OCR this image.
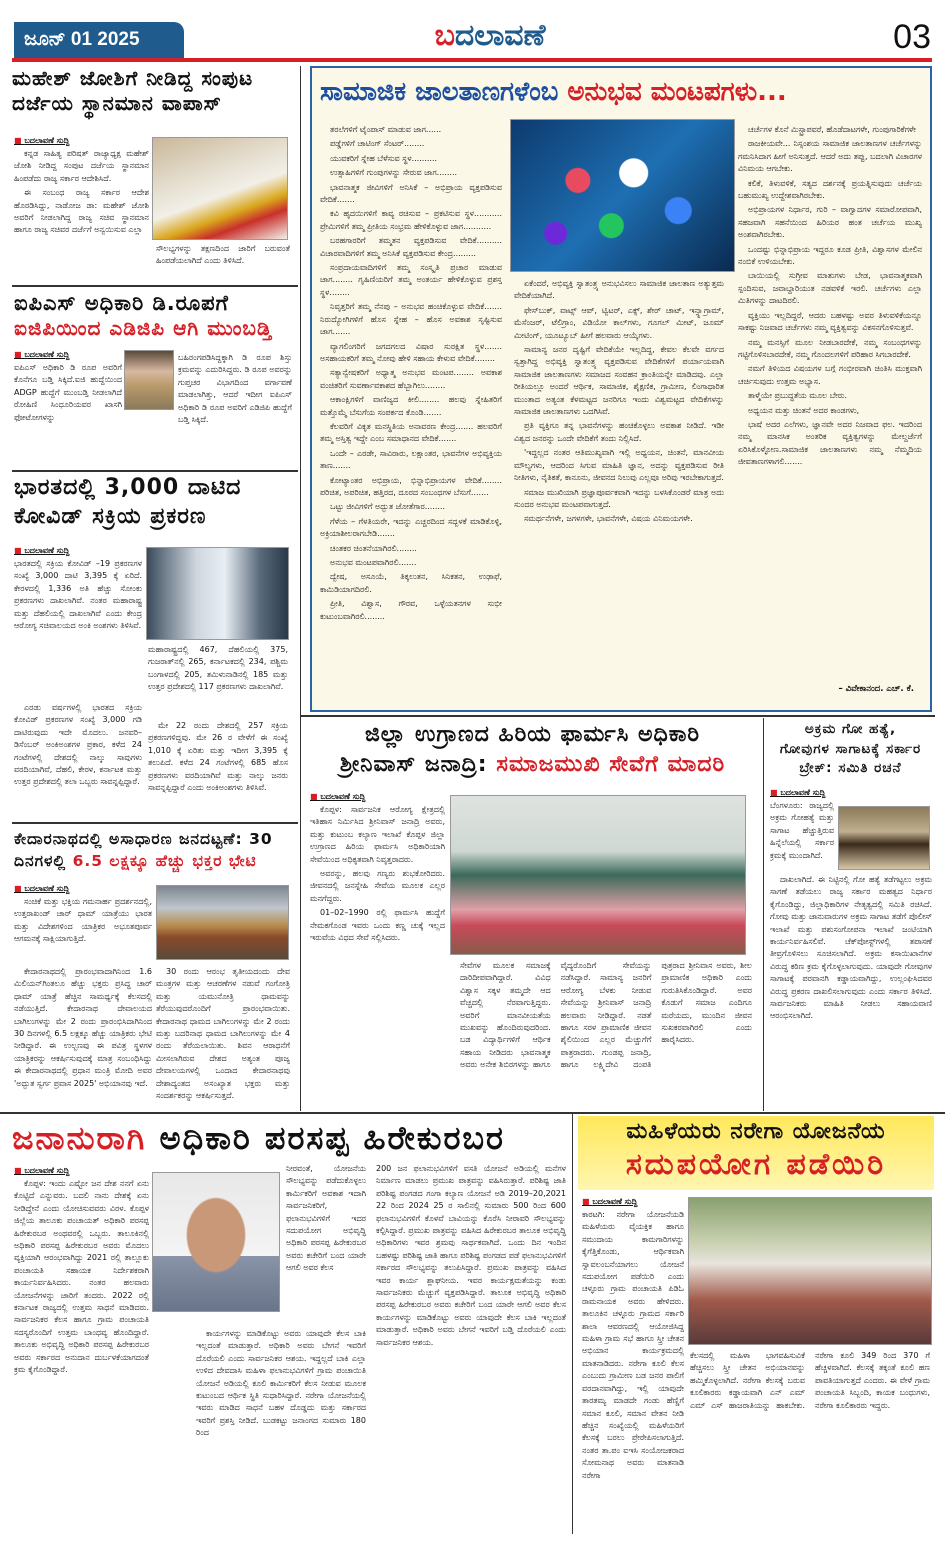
ಜೂನ್ 01 2025	ಬದಲಾವಣೆ	03
ಮಹೇಶ್ ಜೋಶಿಗೆ ನೀಡಿದ್ದ ಸಂಪುಟ ದರ್ಜೆಯ ಸ್ಥಾನಮಾನ ವಾಪಾಸ್
■ ಬದಲಾವಣೆ ಸುದ್ದಿ

ಕನ್ನಡ ಸಾಹಿತ್ಯ ಪರಿಷತ್ ರಾಜ್ಯಾಧ್ಯಕ್ಷ ಮಹೇಶ್ ಜೋಶಿ ನೀಡಿದ್ದ ಸಂಪುಟ ದರ್ಜೆಯ ಸ್ಥಾನಮಾನ ಹಿಂಪಡೆದು ರಾಜ್ಯ ಸರ್ಕಾರ ಆದೇಶಿಸಿದೆ.

ಈ ಸಂಬಂಧ ರಾಜ್ಯ ಸರ್ಕಾರ ಆದೇಶ ಹೊರಡಿಸಿದ್ದು, ನಾಡೋಜ ಡಾ: ಮಹೇಶ್ ಜೋಶಿ ಅವರಿಗೆ ನೀಡಲಾಗಿದ್ದ ರಾಜ್ಯ ಸಚಿವ ಸ್ಥಾನಮಾನ ಹಾಗೂ ರಾಜ್ಯ ಸಚಿವರ ದರ್ಜೆಗೆ ಅನ್ವಯಿಸುವ ಎಲ್ಲಾ

ಸೌಲಭ್ಯಗಳನ್ನು ತಕ್ಷಣದಿಂದ ಜಾರಿಗೆ ಬರುವಂತೆ ಹಿಂಪಡೆಯಲಾಗಿದೆ ಎಂದು ತಿಳಿಸಿದೆ.
ಐಪಿಎಸ್ ಅಧಿಕಾರಿ ಡಿ.ರೂಪಗೆ
ಐಜಿಪಿಯಿಂದ ಎಡಿಜಿಪಿ ಆಗಿ ಮುಂಬಡ್ತಿ
■ ಬದಲಾವಣೆ ಸುದ್ದಿ
ಐಪಿಎಸ್ ಅಧಿಕಾರಿ ಡಿ ರೂಪ ಅವರಿಗೆ ಕೊನೆಗೂ ಬಡ್ತಿ ಸಿಕ್ಕಿದೆ.ಐಜಿ ಹುದ್ದೆಯಿಂದ ADGP ಹುದ್ದೆಗೆ ಮುಂಬಡ್ತಿ ನೀಡಲಾಗಿದೆ ರೋಹಿಣಿ ಸಿಂಧೂರಿಯವರ ಖಾಸಗಿ ಫೋಟೋಗಳನ್ನು
ಬಹಿರಂಗಪಡಿಸಿದ್ದಕ್ಕಾಗಿ ಡಿ ರೂಪ ಶಿಸ್ತು ಕ್ರಮವನ್ನು ಎದುರಿಸಿದ್ದರು. ಡಿ ರೂಪ ಅವರನ್ನು ಗುಪ್ತಚರ ವಿಭಾಗದಿಂದ ವರ್ಗಾವಣೆ ಮಾಡಲಾಗಿತ್ತು, ಆದರೆ ಇದೀಗ ಐಪಿಎಸ್ ಅಧಿಕಾರಿ ಡಿ ರೂಪ ಅವರಿಗೆ ಎಡಿಜಿಪಿ ಹುದ್ದೆಗೆ ಬಡ್ತಿ ಸಿಕ್ಕಿದೆ.
ಭಾರತದಲ್ಲಿ 3,000 ದಾಟಿದ ಕೋವಿಡ್ ಸಕ್ರಿಯ ಪ್ರಕರಣ
■ ಬದಲಾವಣೆ ಸುದ್ದಿ

ಭಾರತದಲ್ಲಿ ಸಕ್ರಿಯ ಕೋವಿಡ್ –19 ಪ್ರಕರಣಗಳ ಸಂಖ್ಯೆ 3,000 ದಾಟಿ 3,395 ಕ್ಕೆ ಏರಿದೆ. ಕೇರಳದಲ್ಲಿ 1,336 ಅತಿ ಹೆಚ್ಚು ಸೋಂಕು ಪ್ರಕರಣಗಳು ದಾಖಲಾಗಿವೆ. ನಂತರ ಮಹಾರಾಷ್ಟ್ರ ಮತ್ತು ದೆಹಲಿಯಲ್ಲಿ ದಾಖಲಾಗಿವೆ ಎಂದು ಕೇಂದ್ರ ಆರೋಗ್ಯ ಸಚಿವಾಲಯದ ಅಂಕಿ ಅಂಶಗಳು ತಿಳಿಸಿವೆ.

ಎರಡು ವರ್ಷಗಳಲ್ಲಿ ಭಾರತದ ಸಕ್ರಿಯ ಕೋವಿಡ್ ಪ್ರಕರಣಗಳ ಸಂಖ್ಯೆ 3,000 ಗಡಿ ದಾಟಿರುವುದು ಇದೇ ಮೊದಲು. ಜನವರಿ–ಡಿಸೆಂಬರ್ ಅಂಕಿಅಂಶಗಳ ಪ್ರಕಾರ, ಕಳೆದ 24 ಗಂಟೆಗಳಲ್ಲಿ ದೇಶದಲ್ಲಿ ನಾಲ್ಕು ಸಾವುಗಳು ವರದಿಯಾಗಿವೆ, ದೆಹಲಿ, ಕೇರಳ, ಕರ್ನಾಟಕ ಮತ್ತು ಉತ್ತರ ಪ್ರದೇಶದಲ್ಲಿ ತಲಾ ಒಬ್ಬರು ಸಾವನ್ನಪ್ಪಿದ್ದಾರೆ.

ಮಹಾರಾಷ್ಟ್ರದಲ್ಲಿ 467, ದೆಹಲಿಯಲ್ಲಿ 375, ಗುಜರಾತ್‌ನಲ್ಲಿ 265, ಕರ್ನಾಟಕದಲ್ಲಿ 234, ಪಶ್ಚಿಮ ಬಂಗಾಳದಲ್ಲಿ 205, ತಮಿಳುನಾಡಿನಲ್ಲಿ 185 ಮತ್ತು ಉತ್ತರ ಪ್ರದೇಶದಲ್ಲಿ 117 ಪ್ರಕರಣಗಳು ದಾಖಲಾಗಿವೆ.
ಮೇ 22 ರಂದು ದೇಶದಲ್ಲಿ 257 ಸಕ್ರಿಯ ಪ್ರಕರಣಗಳಿದ್ದವು. ಮೇ 26 ರ ವೇಳೆಗೆ ಈ ಸಂಖ್ಯೆ 1,010 ಕ್ಕೆ ಏರಿತು ಮತ್ತು ಇದೀಗ 3,395 ಕ್ಕೆ ತಲುಪಿದೆ. ಕಳೆದ 24 ಗಂಟೆಗಳಲ್ಲಿ 685 ಹೊಸ ಪ್ರಕರಣಗಳು ವರದಿಯಾಗಿವೆ ಮತ್ತು ನಾಲ್ಕು ಜನರು ಸಾವನ್ನಪ್ಪಿದ್ದಾರೆ ಎಂದು ಅಂಕಿಅಂಶಗಳು ತಿಳಿಸಿವೆ.
ಕೇದಾರನಾಥದಲ್ಲಿ ಅಸಾಧಾರಣ ಜನದಟ್ಟಣೆ: 30 ದಿನಗಳಲ್ಲಿ 6.5 ಲಕ್ಷಕ್ಕೂ ಹೆಚ್ಚು ಭಕ್ತರ ಭೇಟಿ
■ ಬದಲಾವಣೆ ಸುದ್ದಿ

ಸಂಚಿಕೆ ಮತ್ತು ಭಕ್ತಿಯ ಗಮನಾರ್ಹ ಪ್ರದರ್ಶನದಲ್ಲಿ, ಉತ್ತರಾಖಂಡ್ ಚಾರ್ ಧಾಮ್ ಯಾತ್ರೆಯು ಭಾರತ ಮತ್ತು ವಿದೇಶಗಳಿಂದ ಯಾತ್ರಿಕರ ಅಭೂತಪೂರ್ವ ಆಗಮನಕ್ಕೆ ಸಾಕ್ಷಿಯಾಗುತ್ತಿದೆ.

ಕೇದಾರನಾಥದಲ್ಲಿ ಪ್ರಾರಂಭವಾದಾಗಿನಿಂದ 1.6 ಮಿಲಿಯನ್‌ಗಿಂತಲೂ ಹೆಚ್ಚು ಭಕ್ತರು ಪ್ರಸಿದ್ಧ ಚಾರ್ ಧಾಮ್ ಯಾತ್ರೆ ಹೆಚ್ಚಿನ ಸಾಮರ್ಥ್ಯಕ್ಕೆ ಕೆಲಸದಲ್ಲಿ ನಡೆಯುತ್ತಿದೆ. ಕೇದಾರನಾಥ ದೇವಾಲಯದ ಬಾಗಿಲುಗಳನ್ನು ಮೇ 2 ರಂದು ಪ್ರಾರಂಭಿಸಿದಾಗಿನಿಂದ 30 ದಿನಗಳಲ್ಲಿ 6.5 ಲಕ್ಷಕ್ಕೂ ಹೆಚ್ಚು ಯಾತ್ರಿಕರು ಭೇಟಿ ನೀಡಿದ್ದಾರೆ. ಈ ಉಲ್ಬಣವು ಈ ಪವಿತ್ರ ಸ್ಥಳಗಳ ಯಾತ್ರಿಕರನ್ನು ಆಕರ್ಷಿಸುವುದಕ್ಕೆ ಮಾತ್ರ ಸಂಬಂಧಿಸಿದ್ದು ಈ ಕೇದಾರನಾಥದಲ್ಲಿ ಪ್ರಧಾನ ಮಂತ್ರಿ ಮೋದಿ ಅವರ 'ಅದ್ಭುತ ಸ್ವರ್ಗ ಪ್ರವಾಸ 2025' ಅಭಿಯಾನವು ಇದೆ.
30 ರಂದು ಆರಂಭ ತೃತೀಯದಂದು ದೇವ ಮಂತ್ರಗಳ ಮತ್ತು ಆಚರಣೆಗಳ ನಡುವೆ ಗಂಗೋತ್ರಿ ಮತ್ತು ಯಮುನೋತ್ರಿ ಧಾಮವನ್ನು ತೆರೆಯುವುದರೊಂದಿಗೆ ಪ್ರಾರಂಭವಾಯಿತು. ಕೇದಾರನಾಥ ಧಾಮದ ಬಾಗಿಲುಗಳನ್ನು ಮೇ 2 ರಂದು ಮತ್ತು ಬದರಿನಾಥ ಧಾಮದ ಬಾಗಿಲುಗಳನ್ನು ಮೇ 4 ರಂದು ತೆರೆಯಲಾಯಿತು. ಶಿವನ ಆರಾಧನೆಗೆ ಮೀಸಲಾಗಿರುವ ದೇಶದ ಅತ್ಯಂತ ಪೂಜ್ಯ ದೇವಾಲಯಗಳಲ್ಲಿ ಒಂದಾದ ಕೇದಾರನಾಥವು ದೇಶಾದ್ಯಂತದ ಅಸಂಖ್ಯಾತ ಭಕ್ತರು ಮತ್ತು ಸಂದರ್ಶಕರನ್ನು ಆಕರ್ಷಿಸುತ್ತದೆ.
ಸಾಮಾಜಿಕ ಜಾಲತಾಣಗಳೆಂಬ ಅನುಭವ ಮಂಟಪಗಳು...

ತರಲೆಗಳಿಗೆ ಟೈಂಪಾಸ್ ಮಾಡುವ ಜಾಗ......

ಪಡ್ಡೆಗಳಿಗೆ ಚಾಟಿಂಗ್ ಸೆಂಟರ್........

ಯುವಕರಿಗೆ ಸ್ನೇಹ ಬೆಳೆಸುವ ಸ್ಥಳ..........

ಉತ್ಸಾಹಿಗಳಿಗೆ ಗುಂಪುಗಳನ್ನು ಸೇರುವ ಜಾಗ........

ಭಾವನಾತ್ಮಕ ಜೀವಿಗಳಿಗೆ ಅನಿಸಿಕೆ – ಅಭಿಪ್ರಾಯ ವ್ಯಕ್ತಪಡಿಸುವ ವೇದಿಕೆ.......

ಕವಿ ಹೃದಯಿಗಳಿಗೆ ಕಾವ್ಯ ರಚಿಸುವ – ಪ್ರಕಟಿಸುವ ಸ್ಥಳ........... ಪ್ರೇಮಿಗಳಿಗೆ ತಮ್ಮ ಪ್ರೀತಿಯ ಸಂಭ್ರಮ ಹೇಳಿಕೊಳ್ಳುವ ಜಾಗ...........

ಬರಹಗಾರರಿಗೆ ತಮ್ಮತನ ವ್ಯಕ್ತಪಡಿಸುವ ವೇದಿಕೆ.......... ವಿಚಾರವಾದಿಗಳಿಗೆ ತಮ್ಮ ಅನಿಸಿಕೆ ವ್ಯಕ್ತಪಡಿಸುವ ಕೇಂದ್ರ.........

ಸಂಪ್ರದಾಯವಾದಿಗಳಿಗೆ ತಮ್ಮ ಸಂಸ್ಕೃತಿ ಪ್ರಚಾರ ಮಾಡುವ ಜಾಗ........ ಗೃಹಿಣಿಯರಿಗೆ ತಮ್ಮ ಅಂತರ್ಯ ಹೇಳಿಕೊಳ್ಳುವ ಪ್ರಶಸ್ತ ಸ್ಥಳ........

ನಿವೃತ್ತರಿಗೆ ತಮ್ಮ ನೆನಪು – ಅನುಭವ ಹಂಚಿಕೊಳ್ಳುವ ವೇದಿಕೆ....... ನಿರುದ್ಯೋಗಿಗಳಿಗೆ ಹೊಸ ಸ್ನೇಹ – ಹೊಸ ಅವಕಾಶ ಸೃಷ್ಟಿಸುವ ಜಾಗ.......

ವ್ಯಾಗಲಿಂಗರಿಗೆ ಜಗದಗಲದ ವಿಷಾರ ಸುರಕ್ಷಿತ ಸ್ಥಳ....... ಅಸಹಾಯಕರಿಗೆ ತಮ್ಮ ನೋವು ಹೇಳಿ ಸಹಾಯ ಕೇಳುವ ವೇದಿಕೆ........

ಸತ್ಯಾನ್ವೇಷಕರಿಗೆ ಅಧ್ಯಾತ್ಮ ಅನುಭವ ಮಂಟಪ........ ಅವಕಾಶ ವಂಚಿತರಿಗೆ ಸುವರ್ಣಾವಕಾಶದ ಹೆಬ್ಬಾಗಿಲು........

ಆಕಾಂಕ್ಷಿಗಳಿಗೆ ವಾಣಿಜ್ಯದ ಕೀಲಿ........ ಹಲವು ಸ್ನೇಹಿತರಿಗೆ ಮತ್ತೊಮ್ಮೆ ಬೆಸುಗೆಯ ಸಂಪರ್ಕದ ಕೊಂಡಿ.......

ಕೆಲವರಿಗೆ ವಿಕೃತ ಮನಸ್ಥಿತಿಯ ಅನಾವರಣ ಕೇಂದ್ರ....... ಹಲವರಿಗೆ ತಮ್ಮ ಅಸ್ತಿತ್ವ ಇದ್ದೇ ಎಂಬ ಸಮಾಧಾನದ ವೇದಿಕೆ.......

ಒಂದೇ – ಎರಡೇ, ಸಾವಿರಾರು, ಲಕ್ಷಾಂತರ, ಭಾವನೆಗಳ ಅಭಿವ್ಯಕ್ತಿಯ ತಾಣ.......

ಕೋಟ್ಯಾಂತರ ಅಭಿಪ್ರಾಯ, ಭಿನ್ನಾಭಿಪ್ರಾಯಗಳ ವೇದಿಕೆ........ ಪರಿಚಿತ, ಅಪರಿಚಿತ, ಹತ್ತಿರದ, ದೂರದ ಸಂಬಂಧಗಳ ಬೆಸುಗೆ.......

ಒಟ್ಟು ಜೀವಿಗಳಿಗೆ ಅದ್ಭುತ ಜೋತೆಗಾರ........

ಗೆಳೆಯ – ಗೆಳತಿಯರೇ, ಇದನ್ನು ಎಚ್ಚರದಿಂದ ಸದ್ಬಳಕೆ ಮಾಡಿಕೊಳ್ಳಿ, ಅಕ್ರಿಯಾಶೀಲರಾಗಬೇಡಿ.......

ಚಿಂತಕರ ಚಿಂತನೆಯಾಗಿರಲಿ........

ಅನುಭವ ಮಂಟಪವಾಗಿರಲಿ.......

ದ್ವೇಷ, ಅಸೂಯೆ, ತಿಕ್ಕಲುತನ, ಸಿನಿಕತನ, ಉಢಾಫೆ, ಕಾಮಿಡಿಯಾಗದಿರಲಿ.

ಪ್ರೀತಿ, ವಿಶ್ವಾಸ, ಗೌರವ, ಒಳ್ಳೆಯತನಗಳ ಸುಭೀ ಕುಟುಂಬವಾಗಿರಲಿ........

ಏಕೆಂದರೆ, ಅಭಿವ್ಯಕ್ತಿ ಸ್ವಾತಂತ್ರ್ಯ ಅನುಭವಿಸಲು ಸಾಮಾಜಿಕ ಜಾಲತಾಣ ಅತ್ಯುತ್ತಮ ವೇದಿಕೆಯಾಗಿದೆ.

ಫೇಸ್‌ಬುಕ್, ವಾಟ್ಸ್ ಆಪ್, ಟ್ವಿಟರ್, ಎಕ್ಸ್, ಶೇರ್ ಚಾಟ್, ಇನ್ಸ್ಟಾಗ್ರಾಮ್, ಮೆಸೆಂಜರ್, ಟೆಲಿಗ್ರಾಂ, ವಿಡಿಯೋ ಕಾಲ್‌ಗಳು, ಗೂಗಲ್ ಮೀಟ್, ಜೂಮ್ ಮೀಟಿಂಗ್, ಯೂಟ್ಯೂಬ್ ಹೀಗೆ ಹಲವಾರು ಆಯ್ಕೆಗಳು.

ಸಾಮಾನ್ಯ ಜನರ ದೃಷ್ಟಿಗೆ ವೇದಿಕೆಯೇ ಇಲ್ಲದಿದ್ದ, ಕೇವಲ ಕೆಲವೇ ವರ್ಗದ ಸ್ವತ್ತಾಗಿದ್ದ ಅಭಿವ್ಯಕ್ತಿ ಸ್ವಾತಂತ್ರ್ಯ ವ್ಯಕ್ತಪಡಿಸುವ ವೇದಿಕೆಗಳಿಗೆ ಪರ್ಯಾಯವಾಗಿ ಸಾಮಾಜಿಕ ಜಾಲತಾಣಗಳು ಸಮಾಜದ ಸಂವಹನ ಕ್ರಾಂತಿಯನ್ನೇ ಮಾಡಿದವು. ಎಲ್ಲಾ ರೀತಿಯಲ್ಲೂ ಅಂದರೆ ಆರ್ಥಿಕ, ಸಾಮಾಜಿಕ, ಶೈಕ್ಷಣಿಕ, ಗ್ರಾಮೀಣ, ಲಿಂಗಾಧಾರಿತ ಮುಂತಾದ ಅತ್ಯಂತ ಕೆಳಮಟ್ಟದ ಜನರಿಗೂ ಇಂದು ವಿಶ್ವಮಟ್ಟದ ವೇದಿಕೆಗಳನ್ನು ಸಾಮಾಜಿಕ ಜಾಲತಾಣಗಳು ಒದಗಿಸಿವೆ.

ಪ್ರತಿ ವ್ಯಕ್ತಿಗೂ ತನ್ನ ಭಾವನೆಗಳನ್ನು ಹಂಚಿಕೊಳ್ಳಲು ಅವಕಾಶ ನೀಡಿದೆ. ಇಡೀ ವಿಶ್ವದ ಜನರನ್ನು ಒಂದೇ ವೇದಿಕೆಗೆ ತಂದು ನಿಲ್ಲಿಸಿದೆ.

'ಇದ್ದಲ್ಲದ ನಂತರ ಆತಿಮುಖ್ಯವಾಗಿ ಇಲ್ಲಿ ಅಧ್ಯಯನ, ಚಿಂತನೆ, ಮಾನವೀಯ ಮೌಲ್ಯಗಳು, ಆದರಿಂದ ಸಿಗುವ ಮಾಹಿತಿ ಜ್ಞಾನ, ಅದನ್ನು ವ್ಯಕ್ತಪಡಿಸುವ ರೀತಿ ನೀತಿಗಳು, ನೈತಿಕತೆ, ಕಾನೂನು, ಜೀವನದ ನಿಲುವು ಎಲ್ಲವೂ ಅರಿವು ಇರಬೇಕಾಗುತ್ತದೆ.

ಸಮಾಜ ಮುಖಿಯಾಗಿ ಪ್ರಜ್ಞಾಪೂರ್ವಕವಾಗಿ ಇದನ್ನು ಬಳಸಿಕೊಂಡರೆ ಮಾತ್ರ ಅದು ಸುಂದರ ಅನುಭವ ಮಂಟಪವಾಗುತ್ತದೆ.

ಸಮರ್ಥನೆಗಳೇ, ಜಗಳಗಳೇ, ಭಾವನೆಗಳೇ, ವಿಷಯ ವಿನಿಮಯಗಳೇ.

ಚರ್ಚೆಗಳ ಕೊನೆ ಮಿಸ್ಟ್ರಾಪವರೆ, ಹೊಡೆದಾಟಗಳೇ, ಗುಂಪುಗಾರಿಕೆಗಳೇ

ರಾಜಕೀಯವೇ... ನಿಸ್ಸಂಶಯ ಸಾಮಾಜಿಕ ಜಾಲತಾಣಗಳ ಚರ್ಚೆಗಳನ್ನು ಗಮನಿಸಿದಾಗ ಹೀಗೆ ಅನಿಸುತ್ತದೆ. ಆದರೆ ಅದು ತಪ್ಪು, ಬದಲಾಗಿ ವಿಚಾರಗಳ ವಿನಿಮಯ ಆಗಬೇಕು.

ಕಲಿಕೆ, ತಿಳುವಳಿಕೆ, ಸತ್ಯದ ದರ್ಶನಕ್ಕೆ ಪ್ರಯತ್ನಿಸುವುದು ಚರ್ಚೆಯ ಬಹುಮುಖ್ಯ ಉದ್ದೇಶವಾಗಿರಬೇಕು.

ಅಭಿಪ್ರಾಯಗಳ ನಿರ್ಧಾರ, ಗುರಿ – ವಾಗ್ವಾದಗಳ ಸಮಾರೋಪವಾಗಿ, ಸಹಜವಾಗಿ ಸಹನೆಯಿಂದ ಹಿರಿಯರ ಹಂತ ಚರ್ಚೆಯ ಮುಖ್ಯ ಅಂಶವಾಗಿರಬೇಕು.

ಒಂದಷ್ಟು ಭಿನ್ನಾಭಿಪ್ರಾಯ ಇದ್ದರೂ ಕೂಡ ಪ್ರೀತಿ, ವಿಶ್ವಾಸಗಳ ಮೇಲಿನ ನಂಬಿಕೆ ಉಳಿಯಬೇಕು.

ಬಾಯಿಯಲ್ಲಿ ಸುಗ್ರೀವ ಮಾತುಗಳು ಬೇಡ, ಭಾವನಾತ್ಮಕವಾಗಿ ಸ್ಪಂದಿಸುವ, ಜವಾಬ್ದಾರಿಯುತ ನಡವಳಿಕೆ ಇರಲಿ. ಚರ್ಚೆಗಳು ಎಲ್ಲಾ ಮಿತಿಗಳನ್ನು ದಾಟದಿರಲಿ.

ವ್ಯಕ್ತಿಯು ಇಲ್ಲದಿದ್ದರೆ, ಆದರು ಬಹಳಷ್ಟು ಅವರ ತಿಳುವಳಿಕೆಯನ್ನೂ ಸಾಕಷ್ಟು ನಿಜವಾದ ಚರ್ಚೆಗಳು ನಮ್ಮ ವ್ಯಕ್ತಿತ್ವವನ್ನು ವಿಕಸನಗೊಳಿಸುತ್ತವೆ.

ನಮ್ಮ ಮನಸ್ಸಿಗೆ ಮೂಲ ನೀಡಬಾರದೇಕೆ, ನಮ್ಮ ಸಂಬಂಧಗಳನ್ನು ಗಟ್ಟಿಗೊಳಿಸಬಾರದೇಕೆ, ನಮ್ಮ ಗೊಂದಲಗಳಿಗೆ ಪರಿಹಾರ ಸಿಗಬಾರದೇಕೆ.

ನಮಗೆ ತಿಳಿಯದ ವಿಷಯಗಳ ಬಗ್ಗೆ ಗಂಭೀರವಾಗಿ ಚಿಂತಿಸಿ ಮುಕ್ತವಾಗಿ ಚರ್ಚಿಸುವುದು ಉತ್ತಮ ಅಭ್ಯಾಸ.

ತಾಳ್ಮೆಯೇ ಪ್ರಬುದ್ಧತೆಯ ಮೂಲ ಬೇರು.

ಅಧ್ಯಯನ ಮತ್ತು ಚಿಂತನೆ ಅದರ ಕಾಂಡಗಳು,

ಭಾಷೆ ಅದರ ಎಲೆಗಳು, ಜ್ಞಾನವೇ ಅದರ ನಿಜವಾದ ಫಲ. ಇದರಿಂದ ನಮ್ಮ ಮಾನಸಿಕ ಅಂತರಿಕ ವ್ಯಕ್ತಿತ್ವಗಳನ್ನು ಮೇಲ್ದರ್ಜೆಗೆ ಏರಿಸಿಕೊಳ್ಳೋಣ.ಸಾಮಾಜಿಕ ಜಾಲತಾಣಗಳು ನಮ್ಮ ನೆಮ್ಮದಿಯ ಜೀವತಾಣಗಳಾಗಲಿ.......

– ವಿವೇಕಾನಂದ. ಎಚ್. ಕೆ.
ಜಿಲ್ಲಾ ಉಗ್ರಾಣದ ಹಿರಿಯ ಫಾರ್ಮಸಿ ಅಧಿಕಾರಿ
ಶ್ರೀನಿವಾಸ್ ಜನಾದ್ರಿ: ಸಮಾಜಮುಖಿ ಸೇವೆಗೆ ಮಾದರಿ
■ ಬದಲಾವಣೆ ಸುದ್ದಿ

ಕೊಪ್ಪಳ: ಸಾರ್ವಜನಿಕ ಆರೋಗ್ಯ ಕ್ಷೇತ್ರದಲ್ಲಿ ಇತಿಹಾಸ ನಿರ್ಮಿಸಿದ ಶ್ರೀನಿವಾಸ್ ಜನಾದ್ರಿ ಅವರು, ಮತ್ತು ಕುಟುಂಬ ಕಲ್ಯಾಣ ಇಲಾಖೆ ಕೊಪ್ಪಳ ಜಿಲ್ಲಾ ಉಗ್ರಾಣದ ಹಿರಿಯ ಫಾರ್ಮಸಿ ಅಧಿಕಾರಿಯಾಗಿ ಸೇವೆಯಿಂದ ಅಧಿಕೃತವಾಗಿ ನಿವೃತ್ತರಾದರು.

ಅವರನ್ನು, ಹಲವು ಗಣ್ಯರು ಶುಭಕೋರಿದರು. ಜೀವನದಲ್ಲಿ ಜನಸ್ನೇಹಿ ಸೇವೆಯ ಮೂಲಕ ಎಲ್ಲರ ಮನಗೆದ್ದರು.

01–02–1990 ರಲ್ಲಿ ಫಾರ್ಮಸಿ ಹುದ್ದೆಗೆ ನೇಮಕಗೊಂಡ ಇವರು ಒಂದು ಕಣ್ಣ ಚುಕ್ಕೆ ಇಲ್ಲದ ಇರುವೆಯ ವಿಧದ ಸೇವೆ ಸಲ್ಲಿಸಿದರು.

ಸೇವೆಗಳ ಮೂಲಕ ಸಮಾಜಕ್ಕೆ ದಾರಿದೀಪವಾಗಿದ್ದಾರೆ. ವಿವಿಧ ವಿಶ್ವಾಸ ಸಕ್ಕಳ ತಮ್ಮದೇ ಆದ ವೆಚ್ಚದಲ್ಲಿ ನೆರವಾಗುತ್ತಿದ್ದರು. ಅವರಿಗೆ ಮಾನವೀಯತೆಯ ಮುಖವನ್ನು ಹೊಂದಿರುವುದರಿಂದ. ಬಡ ವಿದ್ಯಾರ್ಥಿಗಳಿಗೆ ಆರ್ಥಿಕ ಸಹಾಯ ನೀಡಿದರು ಭಾವನಾತ್ಮಕ ಅವರು ಅನೇಕ ಶಿಬಿರಗಳನ್ನು ಹಾಗೂ ವೈದ್ಯರೊಂದಿಗೆ ಸೇವೆಯನ್ನು ನಡೆಸಿದ್ದಾರೆ. ಸಾಮಾನ್ಯ ಜನರಿಗೆ ಆರೋಗ್ಯ ಬೆಳಕು ನೀಡುವ ಸೇವೆಯನ್ನು ಶ್ರೀನಿವಾಸ್ ಜನಾದ್ರಿ ಹಲವಾರು ನೀಡಿದ್ದಾರೆ. ನಡತೆ ಹಾಗೂ ಸರಳ ಪ್ರಾಮಾಣಿಕ ಜೀವನ ಶೈಲಿಯಿಂದ ಎಲ್ಲರ ಮೆಚ್ಚುಗೆಗೆ ಪಾತ್ರರಾದರು. ಗುಂಡಪ್ಪ ಜನಾದ್ರಿ, ಹಾಗೂ ಲಕ್ಷ್ಮಿದೇವಿ ದಂಪತಿ ಪುತ್ರರಾದ ಶ್ರೀನಿವಾಸ ಅವರು, ಶೀಲ ಪ್ರಾಮಾಣಿಕ ಅಧಿಕಾರಿ ಎಂದು ಗುರುತಿಸಿಕೊಂಡಿದ್ದಾರೆ. ಅವರ ಕೊಡುಗೆ ಸಮಾಜ ಎಂದಿಗೂ ಮರೆಯದು, ಮುಂದಿನ ಜೀವನ ಸುಖಕರವಾಗಿರಲಿ ಎಂದು ಹಾರೈಸಿದರು.
ಅಕ್ರಮ ಗೋ ಹತ್ಯೆ,
ಗೋವುಗಳ ಸಾಗಾಟಕ್ಕೆ ಸರ್ಕಾರ
ಬ್ರೇಕ್: ಸಮಿತಿ ರಚನೆ
■ ಬದಲಾವಣೆ ಸುದ್ದಿ
ಬೆಂಗಳೂರು: ರಾಜ್ಯದಲ್ಲಿ ಅಕ್ರಮ ಗೋಹತ್ಯೆ ಮತ್ತು ಸಾಗಾಟ ಹೆಚ್ಚುತ್ತಿರುವ ಹಿನ್ನೆಲೆಯಲ್ಲಿ ಸರ್ಕಾರ ಕ್ರಮಕ್ಕೆ ಮುಂದಾಗಿದೆ.
ದಾಖಲಾಗಿದೆ. ಈ ನಿಟ್ಟಿನಲ್ಲಿ ಗೋ ಹತ್ಯೆ ತಡೆಗಟ್ಟಲು ಅಕ್ರಮ ಸಾಗಣೆ ತಡೆಯಲು ರಾಜ್ಯ ಸರ್ಕಾರ ಮಹತ್ವದ ನಿರ್ಧಾರ ಕೈಗೊಂಡಿದ್ದು, ಜಿಲ್ಲಾಧಿಕಾರಿಗಳ ನೇತೃತ್ವದಲ್ಲಿ ಸಮಿತಿ ರಚಿಸಿದೆ. ಗೋವು ಮತ್ತು ಜಾನುವಾರುಗಳ ಅಕ್ರಮ ಸಾಗಾಟ ತಡೆಗೆ ಪೊಲೀಸ್ ಇಲಾಖೆ ಮತ್ತು ಪಶುಸಂಗೋಪನಾ ಇಲಾಖೆ ಜಂಟಿಯಾಗಿ ಕಾರ್ಯನಿರ್ವಹಿಸಲಿವೆ. ಚೆಕ್‌ಪೋಸ್ಟ್‌ಗಳಲ್ಲಿ ತಪಾಸಣೆ ತೀವ್ರಗೊಳಿಸಲು ಸೂಚಿಸಲಾಗಿದೆ. ಅಕ್ರಮ ಕಸಾಯಿಖಾನೆಗಳ ವಿರುದ್ಧ ಕಠಿಣ ಕ್ರಮ ಕೈಗೊಳ್ಳಲಾಗುವುದು. ಯಾವುದೇ ಗೋವುಗಳ ಸಾಗಾಟಕ್ಕೆ ಪರವಾನಗಿ ಕಡ್ಡಾಯವಾಗಿದ್ದು, ಉಲ್ಲಂಘಿಸಿದವರ ವಿರುದ್ಧ ಪ್ರಕರಣ ದಾಖಲಿಸಲಾಗುವುದು ಎಂದು ಸರ್ಕಾರ ತಿಳಿಸಿದೆ. ಸಾರ್ವಜನಿಕರು ಮಾಹಿತಿ ನೀಡಲು ಸಹಾಯವಾಣಿ ಆರಂಭಿಸಲಾಗಿದೆ.
ಜನಾನುರಾಗಿ ಅಧಿಕಾರಿ ಪರಸಪ್ಪ ಹಿರೇಕುರಬರ
■ ಬದಲಾವಣೆ ಸುದ್ದಿ
ಕೊಪ್ಪಳ: ಇಂದು ಎಷ್ಟೋ ಜನ ದೇಶ ನನಗೆ ಏನು ಕೊಟ್ಟಿದೆ ಎನ್ನುವರು. ಬದಲಿ ನಾನು ದೇಶಕ್ಕೆ ಏನು ನೀಡಿದ್ದೇನೆ ಎಂದು ಯೋಚಿಸುವವರು ವಿರಳ. ಕೊಪ್ಪಳ ಜಿಲ್ಲೆಯ ತಾಲೂಕು ಪಂಚಾಯತ್ ಅಧಿಕಾರಿ ಪರಸಪ್ಪ ಹಿರೇಕುರಬರ ಅಂಥವರಲ್ಲಿ ಒಬ್ಬರು. ತಾಲೂಕಿನಲ್ಲಿ ಅಧಿಕಾರಿ ಪರಸಪ್ಪ ಹಿರೇಕುರಬರ ಅವರು ಮೊದಲು ವ್ಯಕ್ತಿಯಾಗಿ ಆರಂಭವಾಗಿದ್ದು 2021 ರಲ್ಲಿ ತಾಲ್ಲೂಕು ಪಂಚಾಯತಿ ಸಹಾಯಕ ನಿರ್ದೇಶಕರಾಗಿ ಕಾರ್ಯನಿರ್ವಹಿಸಿದರು. ನಂತರ ಹಲವಾರು ಯೋಜನೆಗಳನ್ನು ಜಾರಿಗೆ ತಂದರು. 2022 ರಲ್ಲಿ ಕರ್ನಾಟಕ ರಾಜ್ಯದಲ್ಲಿ ಉತ್ತಮ ಸಾಧನೆ ಮಾಡಿದರು. ಸಾರ್ವಜನಿಕರ ಕೆಲಸ ಹಾಗೂ ಗ್ರಾಮ ಪಂಚಾಯತಿ ಸದಸ್ಯರೊಂದಿಗೆ ಉತ್ತಮ ಬಾಂಧವ್ಯ ಹೊಂದಿದ್ದಾರೆ. ತಾಲೂಕು ಅಭಿವೃದ್ಧಿ ಅಧಿಕಾರಿ ಪರಸಪ್ಪ ಹಿರೇಕುರಬರ ಅವರು ಸರ್ಕಾರದ ಅನುದಾನ ದುರ್ಬಳಕೆಯಾಗದಂತೆ ಕ್ರಮ ಕೈಗೊಂಡಿದ್ದಾರೆ.
ನೀರವಂತೆ, ಯೋಜನೆಯ ಸೌಲಭ್ಯವನ್ನು ಪಡೆದುಕೊಳ್ಳಲು ಕಾರ್ಮಿಕರಿಗೆ ಅವಕಾಶ ಇದಾಗಿ ಸಾರ್ವಜನಿಕರಿಗೆ, ಫಲಾನುಭವಿಗಳಿಗೆ ಇದರ ಸದುಪಯೋಗ ಅಭಿವೃದ್ಧಿ ಅಧಿಕಾರಿ ಪರಸಪ್ಪ ಹಿರೇಕುರಬರ ಅವರು ಕಚೇರಿಗೆ ಬಂದ ಯಾರೇ ಆಗಲಿ ಅವರ ಕೆಲಸ
ಕಾರ್ಯಗಳನ್ನು ಮಾಡಿಕೊಟ್ಟು ಅವರು ಯಾವುದೇ ಕೆಲಸ ಬಾಕಿ ಇಲ್ಲದಂತೆ ಮಾಡುತ್ತಾರೆ. ಅಧಿಕಾರಿ ಅವರು ಬೇಗನೆ ಇವರಿಗೆ ದೊರೆಯಲಿ ಎಂದು ಸಾರ್ವಜನಿಕರ ಆಶಯ. ಇದ್ದಲ್ಲದೆ ಬಾಕಿ ಎಲ್ಲಾ ಉಳಿದ ದೇವದಾಸಿ ಮಹಿಳಾ ಫಲಾನುಭವಿಗಳಿಗೆ ಗ್ರಾಮ ಪಂಚಾಯಿತಿ ಯೋಜನೆ ಅಡಿಯಲ್ಲಿ ಕೂಲಿ ಕಾರ್ಮಿಕರಿಗೆ ಕೆಲಸ ನೀಡುವ ಮೂಲಕ ಕುಟುಂಬದ ಆರ್ಥಿಕ ಸ್ಥಿತಿ ಸುಧಾರಿಸಿದ್ದಾರೆ. ನರೇಗಾ ಯೋಜನೆಯಲ್ಲಿ ಇವರು ಮಾಡಿದ ಸಾಧನೆ ಬಹಳ ದೊಡ್ಡದು ಮತ್ತು ಸರ್ಕಾರದ ಇವರಿಗೆ ಪ್ರಶಸ್ತಿ ನೀಡಿದೆ. ಬುಡಕಟ್ಟು ಜನಾಂಗದ ಸುಮಾರು 180 ರಿಂದ
200 ಜನ ಫಲಾನುಭವಿಗಳಿಗೆ ವಸತಿ ಯೋಜನೆ ಅಡಿಯಲ್ಲಿ ಮನೆಗಳ ನಿರ್ಮಾಣ ಮಾಡಲು ಪ್ರಮುಖ ಪಾತ್ರವನ್ನು ವಹಿಸಿರುತ್ತಾರೆ. ಪರಿಶಿಷ್ಟ ಜಾತಿ ಪರಿಶಿಷ್ಟ ಪಂಗಡದ ಗಂಗಾ ಕಲ್ಯಾಣ ಯೋಜನೆ ಅಡಿ 2019–20,2021 22 ರಿಂದ 2024 25 ರ ಸಾಲಿನಲ್ಲಿ ಸುಮಾರು 500 ರಿಂದ 600 ಫಲಾನುಭವಿಗಳಿಗೆ ಕೊಳವೆ ಬಾವಿಯನ್ನು ಕೊರೆಸಿ ನೀರಾವರಿ ಸೌಲಭ್ಯವನ್ನು ಕಲ್ಪಿಸಿದ್ದಾರೆ. ಪ್ರಮುಖ ಪಾತ್ರವನ್ನು ವಹಿಸಿದ ಹಿರೇಕುರಬರ ತಾಲೂಕ ಅಭಿವೃದ್ಧಿ ಅಧಿಕಾರಿಗಳು ಇವರ ಶ್ರಮವು ಸಾರ್ಥಕವಾಗಿದೆ. ಒಂದು ದಿನ ಇಂದಿನ ಬಹಳಷ್ಟು ಪರಿಶಿಷ್ಟ ಜಾತಿ ಹಾಗೂ ಪರಿಶಿಷ್ಟ ಪಂಗಡದ ಪಡೆ ಫಲಾನುಭವಿಗಳಿಗೆ ಸರ್ಕಾರದ ಸೌಲಭ್ಯವನ್ನು ತಲುಪಿಸಿದ್ದಾರೆ. ಪ್ರಮುಖ ಪಾತ್ರವನ್ನು ವಹಿಸಿದ ಇವರ ಕಾರ್ಯ ಶ್ಲಾಘನೀಯ. ಇವರ ಕಾರ್ಯಕ್ಷಮತೆಯನ್ನು ಕಂಡು ಸಾರ್ವಜನಿಕರು ಮೆಚ್ಚುಗೆ ವ್ಯಕ್ತಪಡಿಸಿದ್ದಾರೆ. ತಾಲೂಕ ಅಭಿವೃದ್ಧಿ ಅಧಿಕಾರಿ ಪರಸಪ್ಪ ಹಿರೇಕುರಬರ ಅವರು ಕಚೇರಿಗೆ ಬಂದ ಯಾರೇ ಆಗಲಿ ಅವರ ಕೆಲಸ ಕಾರ್ಯಗಳನ್ನು ಮಾಡಿಕೊಟ್ಟು ಅವರು ಯಾವುದೇ ಕೆಲಸ ಬಾಕಿ ಇಲ್ಲದಂತೆ ಮಾಡುತ್ತಾರೆ. ಅಧಿಕಾರಿ ಅವರು ಬೇಗನೆ ಇವರಿಗೆ ಬಡ್ತಿ ದೊರೆಯಲಿ ಎಂದು ಸಾರ್ವಜನಿಕರ ಆಶಯ.
ಮಹಿಳೆಯರು ನರೇಗಾ ಯೋಜನೆಯ
ಸದುಪಯೋಗ ಪಡೆಯಿರಿ
■ ಬದಲಾವಣೆ ಸುದ್ದಿ
ಕಾರಟಗಿ: ನರೇಗಾ ಯೋಜನೆಯಡಿ ಮಹಿಳೆಯರು ವೈಯಕ್ತಿಕ ಹಾಗೂ ಸಮುದಾಯ ಕಾಮಗಾರಿಗಳನ್ನು ಕೈಗೆತ್ತಿಕೊಂಡು, ಆರ್ಥಿಕವಾಗಿ ಸ್ವಾವಲಂಬನೆಯಾಗಲು ಯೋಜನೆ ಸದುಪಯೋಗ ಪಡೆಯಿರಿ ಎಂದು ಚಳ್ಳೂರು ಗ್ರಾಮ ಪಂಚಾಯತಿ ಪಿಡಿಓ ರಾಮನಾಯಕ ಅವರು ಹೇಳಿದರು. ತಾಲೂಕಿನ ಚಳ್ಳೂರು ಗ್ರಾಮದ ಸರ್ಕಾರಿ ಶಾಲಾ ಆವರಣದಲ್ಲಿ ಆಯೋಜಿಸಿದ್ದ ಮಹಿಳಾ ಗ್ರಾಮ ಸಭೆ ಹಾಗೂ ಸ್ತ್ರೀ ಚೇತನ ಅಭಿಯಾನ ಕಾರ್ಯಕ್ರಮದಲ್ಲಿ ಮಾತನಾಡಿದರು. ನರೇಗಾ ಕೂಲಿ ಕೆಲಸ ಎಂಬುದು ಗ್ರಾಮೀಣ ಬಡ ಜನರ ಪಾಲಿಗೆ ವರದಾನವಾಗಿದ್ದು, ಇಲ್ಲಿ ಯಾವುದೇ ತಾರತಮ್ಯ ಮಾಡದೇ ಗಂಡು ಹೆಣ್ಣಿಗೆ ಸಮಾನ ಕೂಲಿ, ಸಮಾನ ವೇತನ ನೀಡಿ ಹೆಚ್ಚಿನ ಸಂಖ್ಯೆಯಲ್ಲಿ ಮಹಿಳೆಯರಿಗೆ ಕೆಲಸಕ್ಕೆ ಬರಲು ಪ್ರೇರೇಪಿಸಲಾಗುತ್ತಿದೆ. ನಂತರ ತಾ.ಪಂ ಐಇಸಿ ಸಂಯೋಜಕರಾದ ಸೋಮನಾಥ ಅವರು ಮಾತನಾಡಿ ನರೇಗಾ
ಕೆಲಸದಲ್ಲಿ ಮಹಿಳಾ ಭಾಗವಹಿಸುವಿಕೆ ಹೆಚ್ಚಿಸಲು ಸ್ತ್ರೀ ಚೇತನ ಅಭಿಯಾನವನ್ನು ಹಮ್ಮಿಕೊಳ್ಳಲಾಗಿದೆ. ನರೇಗಾ ಕೆಲಸಕ್ಕೆ ಬರುವ ಕೂಲಿಕಾರರು ಕಡ್ಡಾಯವಾಗಿ ಎನ್ ಎಮ್ ಎಮ್ ಎಸ್ ಹಾಜರಾತಿಯನ್ನು ಹಾಕಬೇಕು. ನರೇಗಾ ಕೂಲಿ 349 ರಿಂದ 370 ಗೆ ಹೆಚ್ಚಳವಾಗಿದೆ. ಕೆಲಸಕ್ಕೆ ತಕ್ಕಂತೆ ಕೂಲಿ ಹಣ ಪಾವತಿಯಾಗುತ್ತದೆ ಎಂದರು. ಈ ವೇಳೆ ಗ್ರಾಮ ಪಂಚಾಯತಿ ಸಿಬ್ಬಂದಿ, ಕಾಯಕ ಬಂಧುಗಳು, ನರೇಗಾ ಕೂಲಿಕಾರರು ಇದ್ದರು.
